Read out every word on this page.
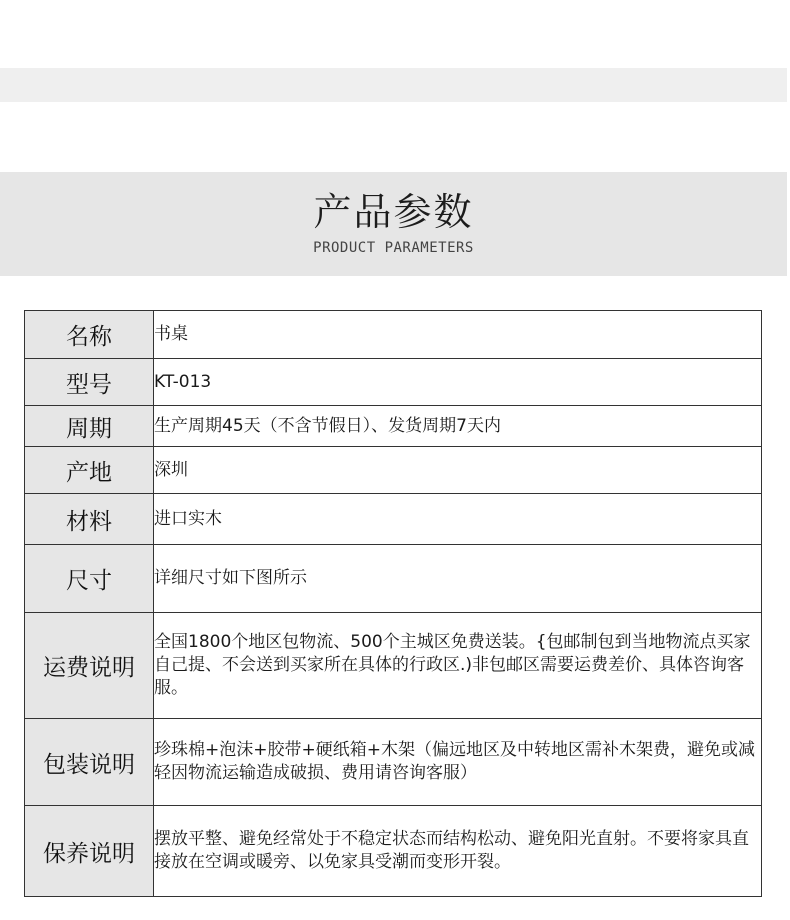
产品参数
PRODUCT PARAMETERS
名称	书桌
型号	KT-013
周期	生产周期45天（不含节假日）、发货周期7天内
产地	深圳
材料	进口实木
尺寸	详细尺寸如下图所示
运费说明	全国1800个地区包物流、500个主城区免费送装。{包邮制包到当地物流点买家自己提、不会送到买家所在具体的行政区.)非包邮区需要运费差价、具体咨询客服。
包装说明	珍珠棉+泡沫+胶带+硬纸箱+木架（偏远地区及中转地区需补木架费，避免或减轻因物流运输造成破损、费用请咨询客服）
保养说明	摆放平整、避免经常处于不稳定状态而结构松动、避免阳光直射。不要将家具直接放在空调或暖旁、以免家具受潮而变形开裂。
